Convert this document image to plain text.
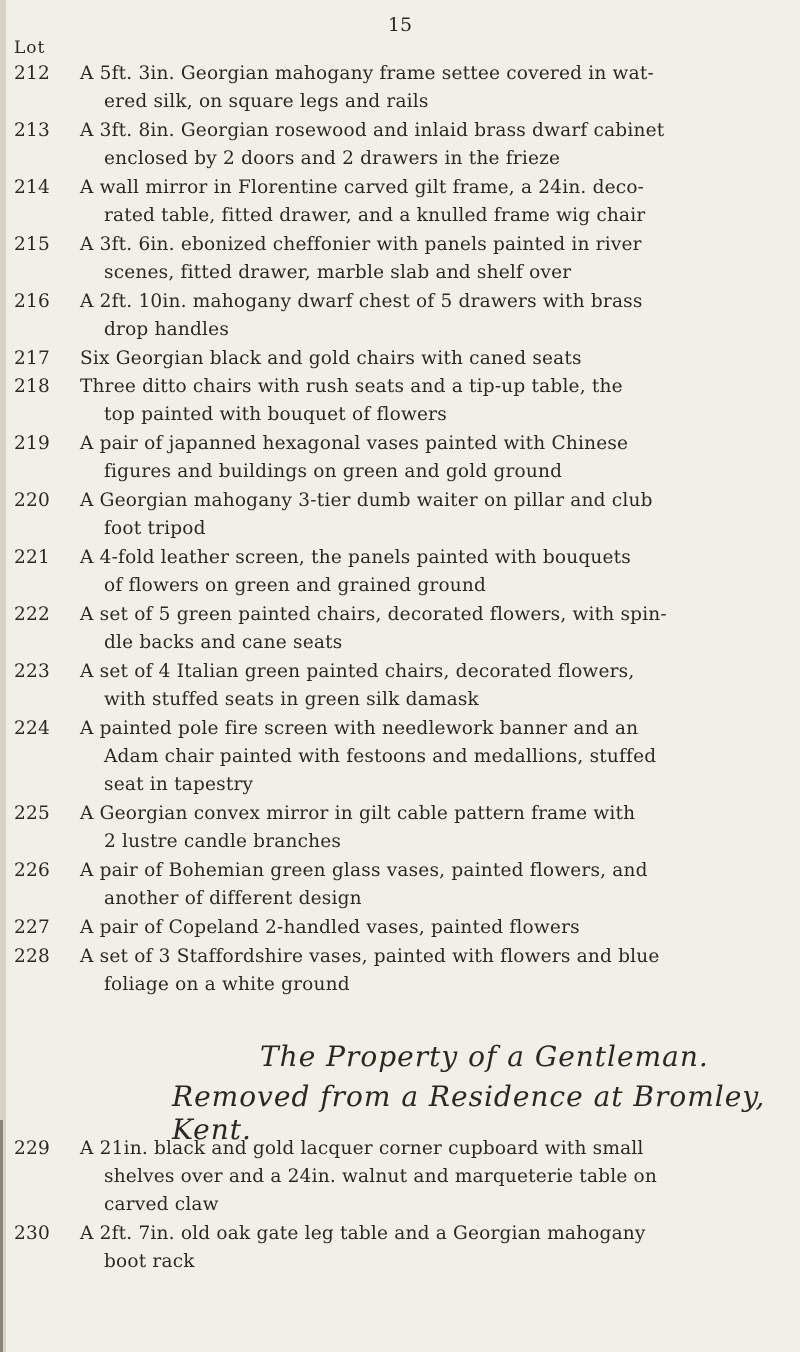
15
Lot
212	A 5ft. 3in. Georgian mahogany frame settee covered in wat-
ered silk, on square legs and rails
213	A 3ft. 8in. Georgian rosewood and inlaid brass dwarf cabinet
enclosed by 2 doors and 2 drawers in the frieze
214	A wall mirror in Florentine carved gilt frame, a 24in. deco-
rated table, fitted drawer, and a knulled frame wig chair
215	A 3ft. 6in. ebonized cheffonier with panels painted in river
scenes, fitted drawer, marble slab and shelf over
216	A 2ft. 10in. mahogany dwarf chest of 5 drawers with brass
drop handles
217	Six Georgian black and gold chairs with caned seats
218	Three ditto chairs with rush seats and a tip-up table, the
top painted with bouquet of flowers
219	A pair of japanned hexagonal vases painted with Chinese
figures and buildings on green and gold ground
220	A Georgian mahogany 3-tier dumb waiter on pillar and club
foot tripod
221	A 4-fold leather screen, the panels painted with bouquets
of flowers on green and grained ground
222	A set of 5 green painted chairs, decorated flowers, with spin-
dle backs and cane seats
223	A set of 4 Italian green painted chairs, decorated flowers,
with stuffed seats in green silk damask
224	A painted pole fire screen with needlework banner and an
Adam chair painted with festoons and medallions, stuffed
seat in tapestry
225	A Georgian convex mirror in gilt cable pattern frame with
2 lustre candle branches
226	A pair of Bohemian green glass vases, painted flowers, and
another of different design
227	A pair of Copeland 2-handled vases, painted flowers
228	A set of 3 Staffordshire vases, painted with flowers and blue
foliage on a white ground
229	A 21in. black and gold lacquer corner cupboard with small
shelves over and a 24in. walnut and marqueterie table on
carved claw
230	A 2ft. 7in. old oak gate leg table and a Georgian mahogany
boot rack
The Property of a Gentleman.
Removed from a Residence at Bromley, Kent.
